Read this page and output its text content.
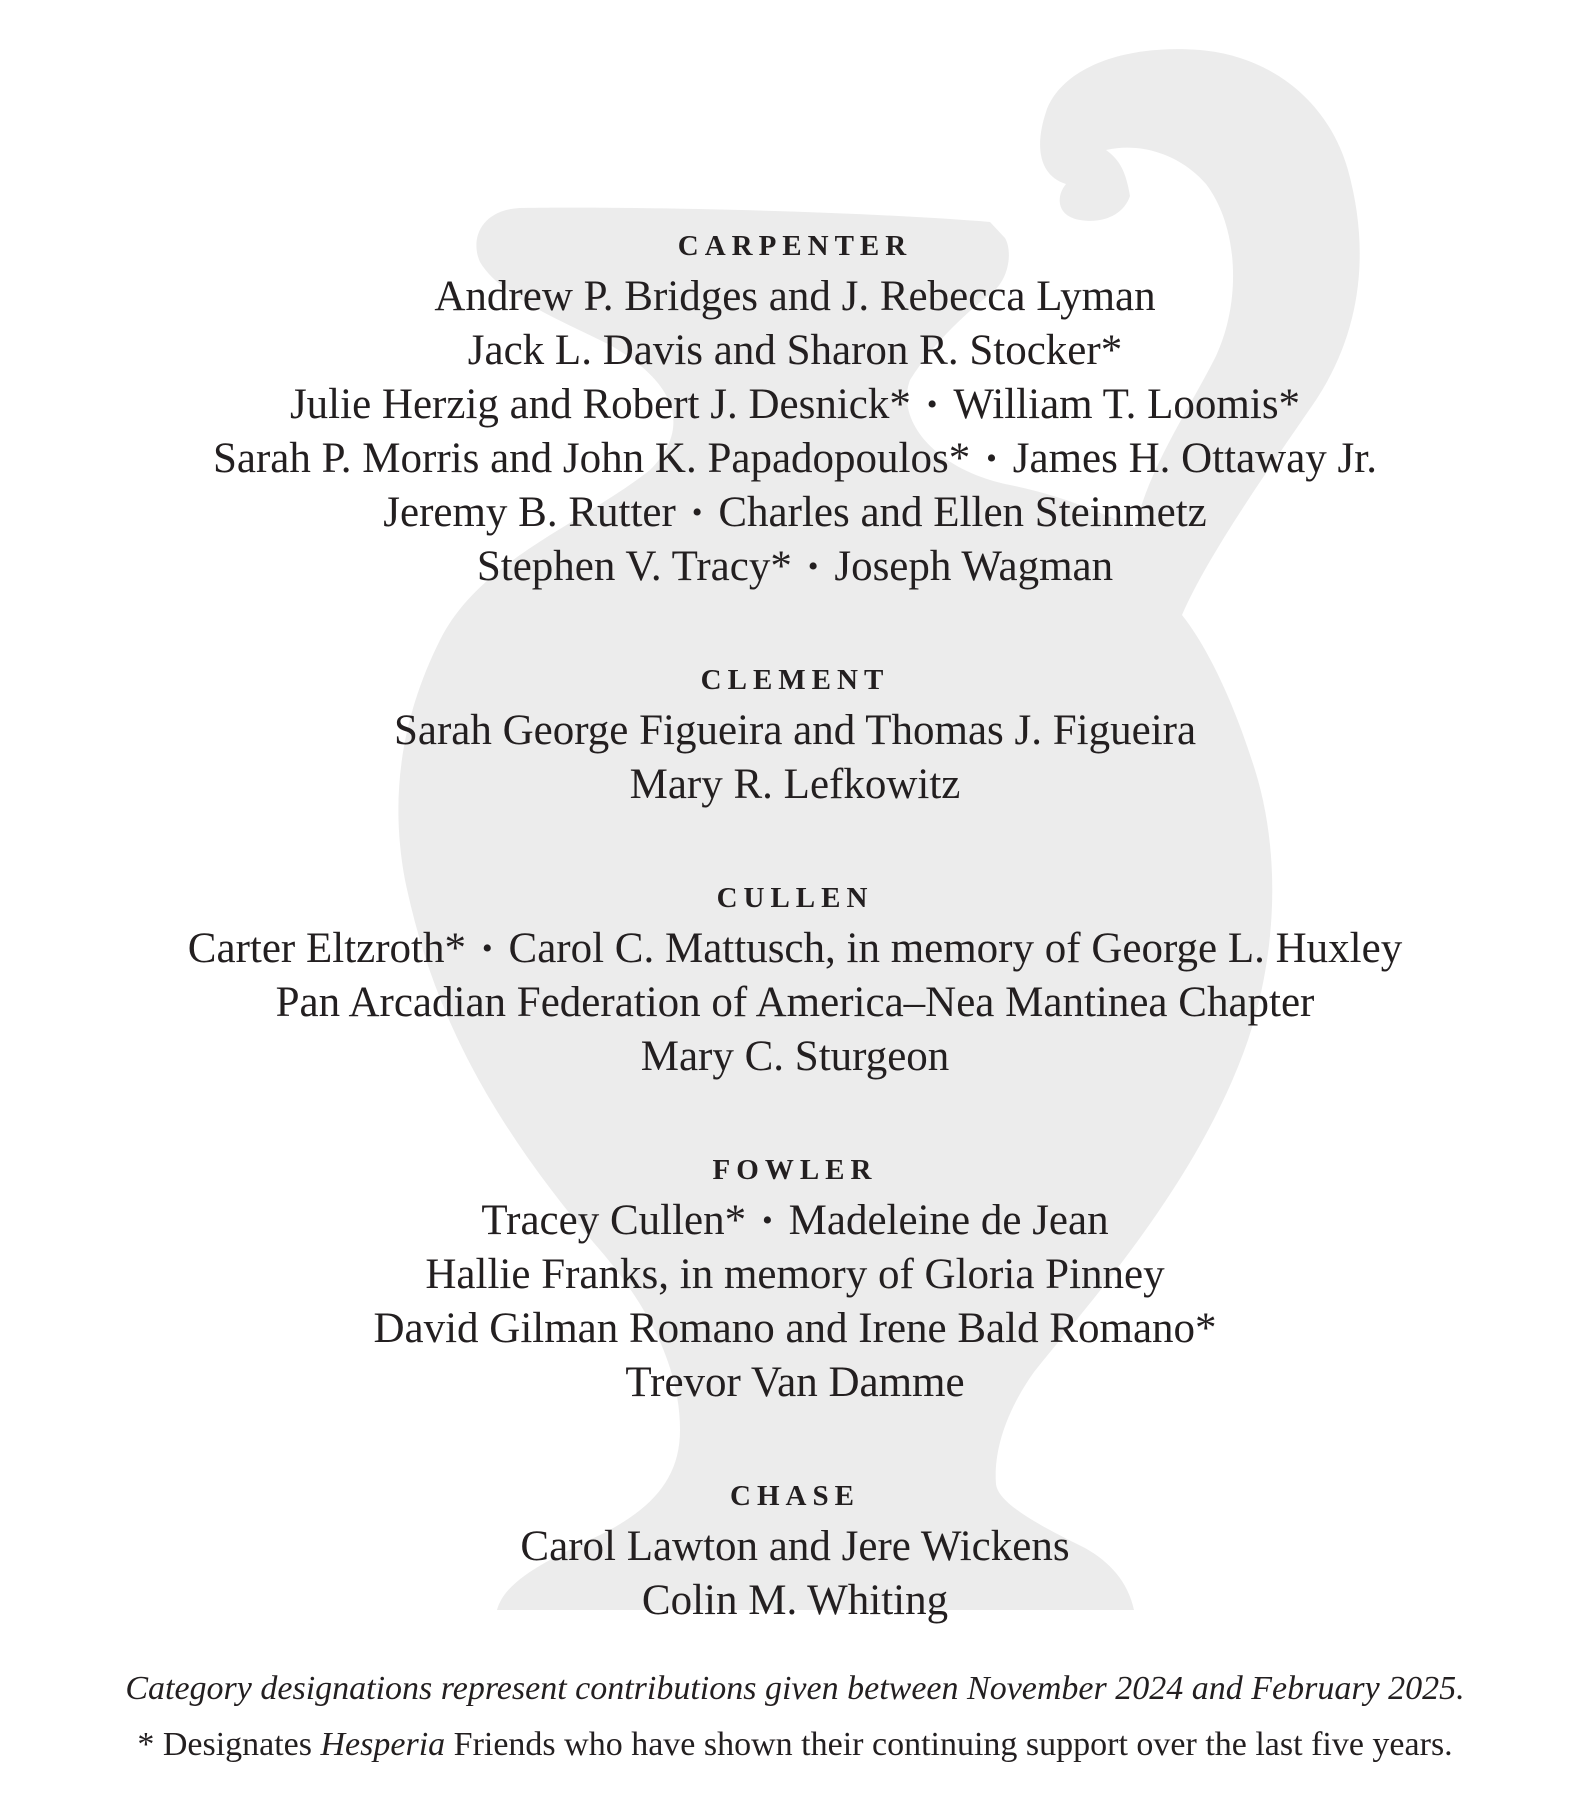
CARPENTER
Andrew P. Bridges and J. Rebecca Lyman
Jack L. Davis and Sharon R. Stocker*
Julie Herzig and Robert J. Desnick* • William T. Loomis*
Sarah P. Morris and John K. Papadopoulos* • James H. Ottaway Jr.
Jeremy B. Rutter • Charles and Ellen Steinmetz
Stephen V. Tracy* • Joseph Wagman
CLEMENT
Sarah George Figueira and Thomas J. Figueira
Mary R. Lefkowitz
CULLEN
Carter Eltzroth* • Carol C. Mattusch, in memory of George L. Huxley
Pan Arcadian Federation of America–Nea Mantinea Chapter
Mary C. Sturgeon
FOWLER
Tracey Cullen* • Madeleine de Jean
Hallie Franks, in memory of Gloria Pinney
David Gilman Romano and Irene Bald Romano*
Trevor Van Damme
CHASE
Carol Lawton and Jere Wickens
Colin M. Whiting
Category designations represent contributions given between November 2024 and February 2025.
* Designates Hesperia Friends who have shown their continuing support over the last five years.
